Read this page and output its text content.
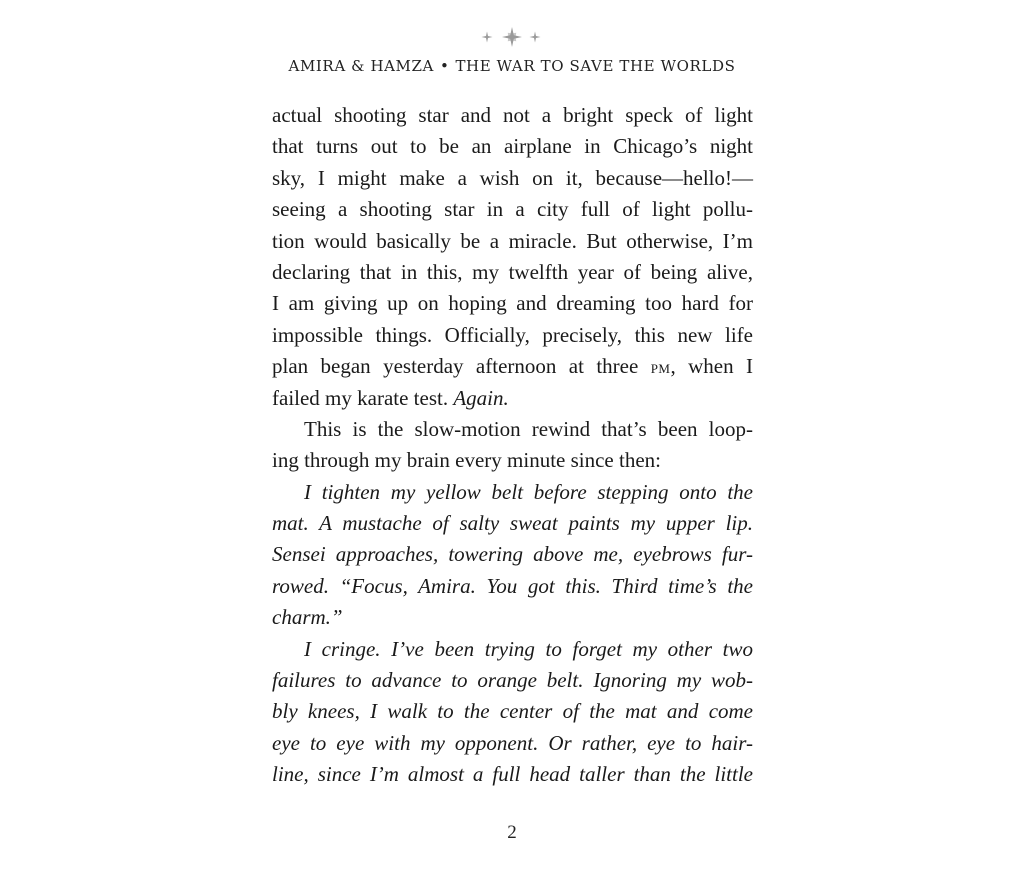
AMIRA & HAMZA • THE WAR TO SAVE THE WORLDS
actual shooting star and not a bright speck of light
that turns out to be an airplane in Chicago’s night
sky, I might make a wish on it, because—hello!—
seeing a shooting star in a city full of light pollu-
tion would basically be a miracle. But otherwise, I’m
declaring that in this, my twelfth year of being alive,
I am giving up on hoping and dreaming too hard for
impossible things. Officially, precisely, this new life
plan began yesterday afternoon at three pm, when I
failed my karate test. Again.
This is the slow-motion rewind that’s been loop-
ing through my brain every minute since then:
I tighten my yellow belt before stepping onto the
mat. A mustache of salty sweat paints my upper lip.
Sensei approaches, towering above me, eyebrows fur-
rowed. “Focus, Amira. You got this. Third time’s the
charm.”
I cringe. I’ve been trying to forget my other two
failures to advance to orange belt. Ignoring my wob-
bly knees, I walk to the center of the mat and come
eye to eye with my opponent. Or rather, eye to hair-
line, since I’m almost a full head taller than the little
2
